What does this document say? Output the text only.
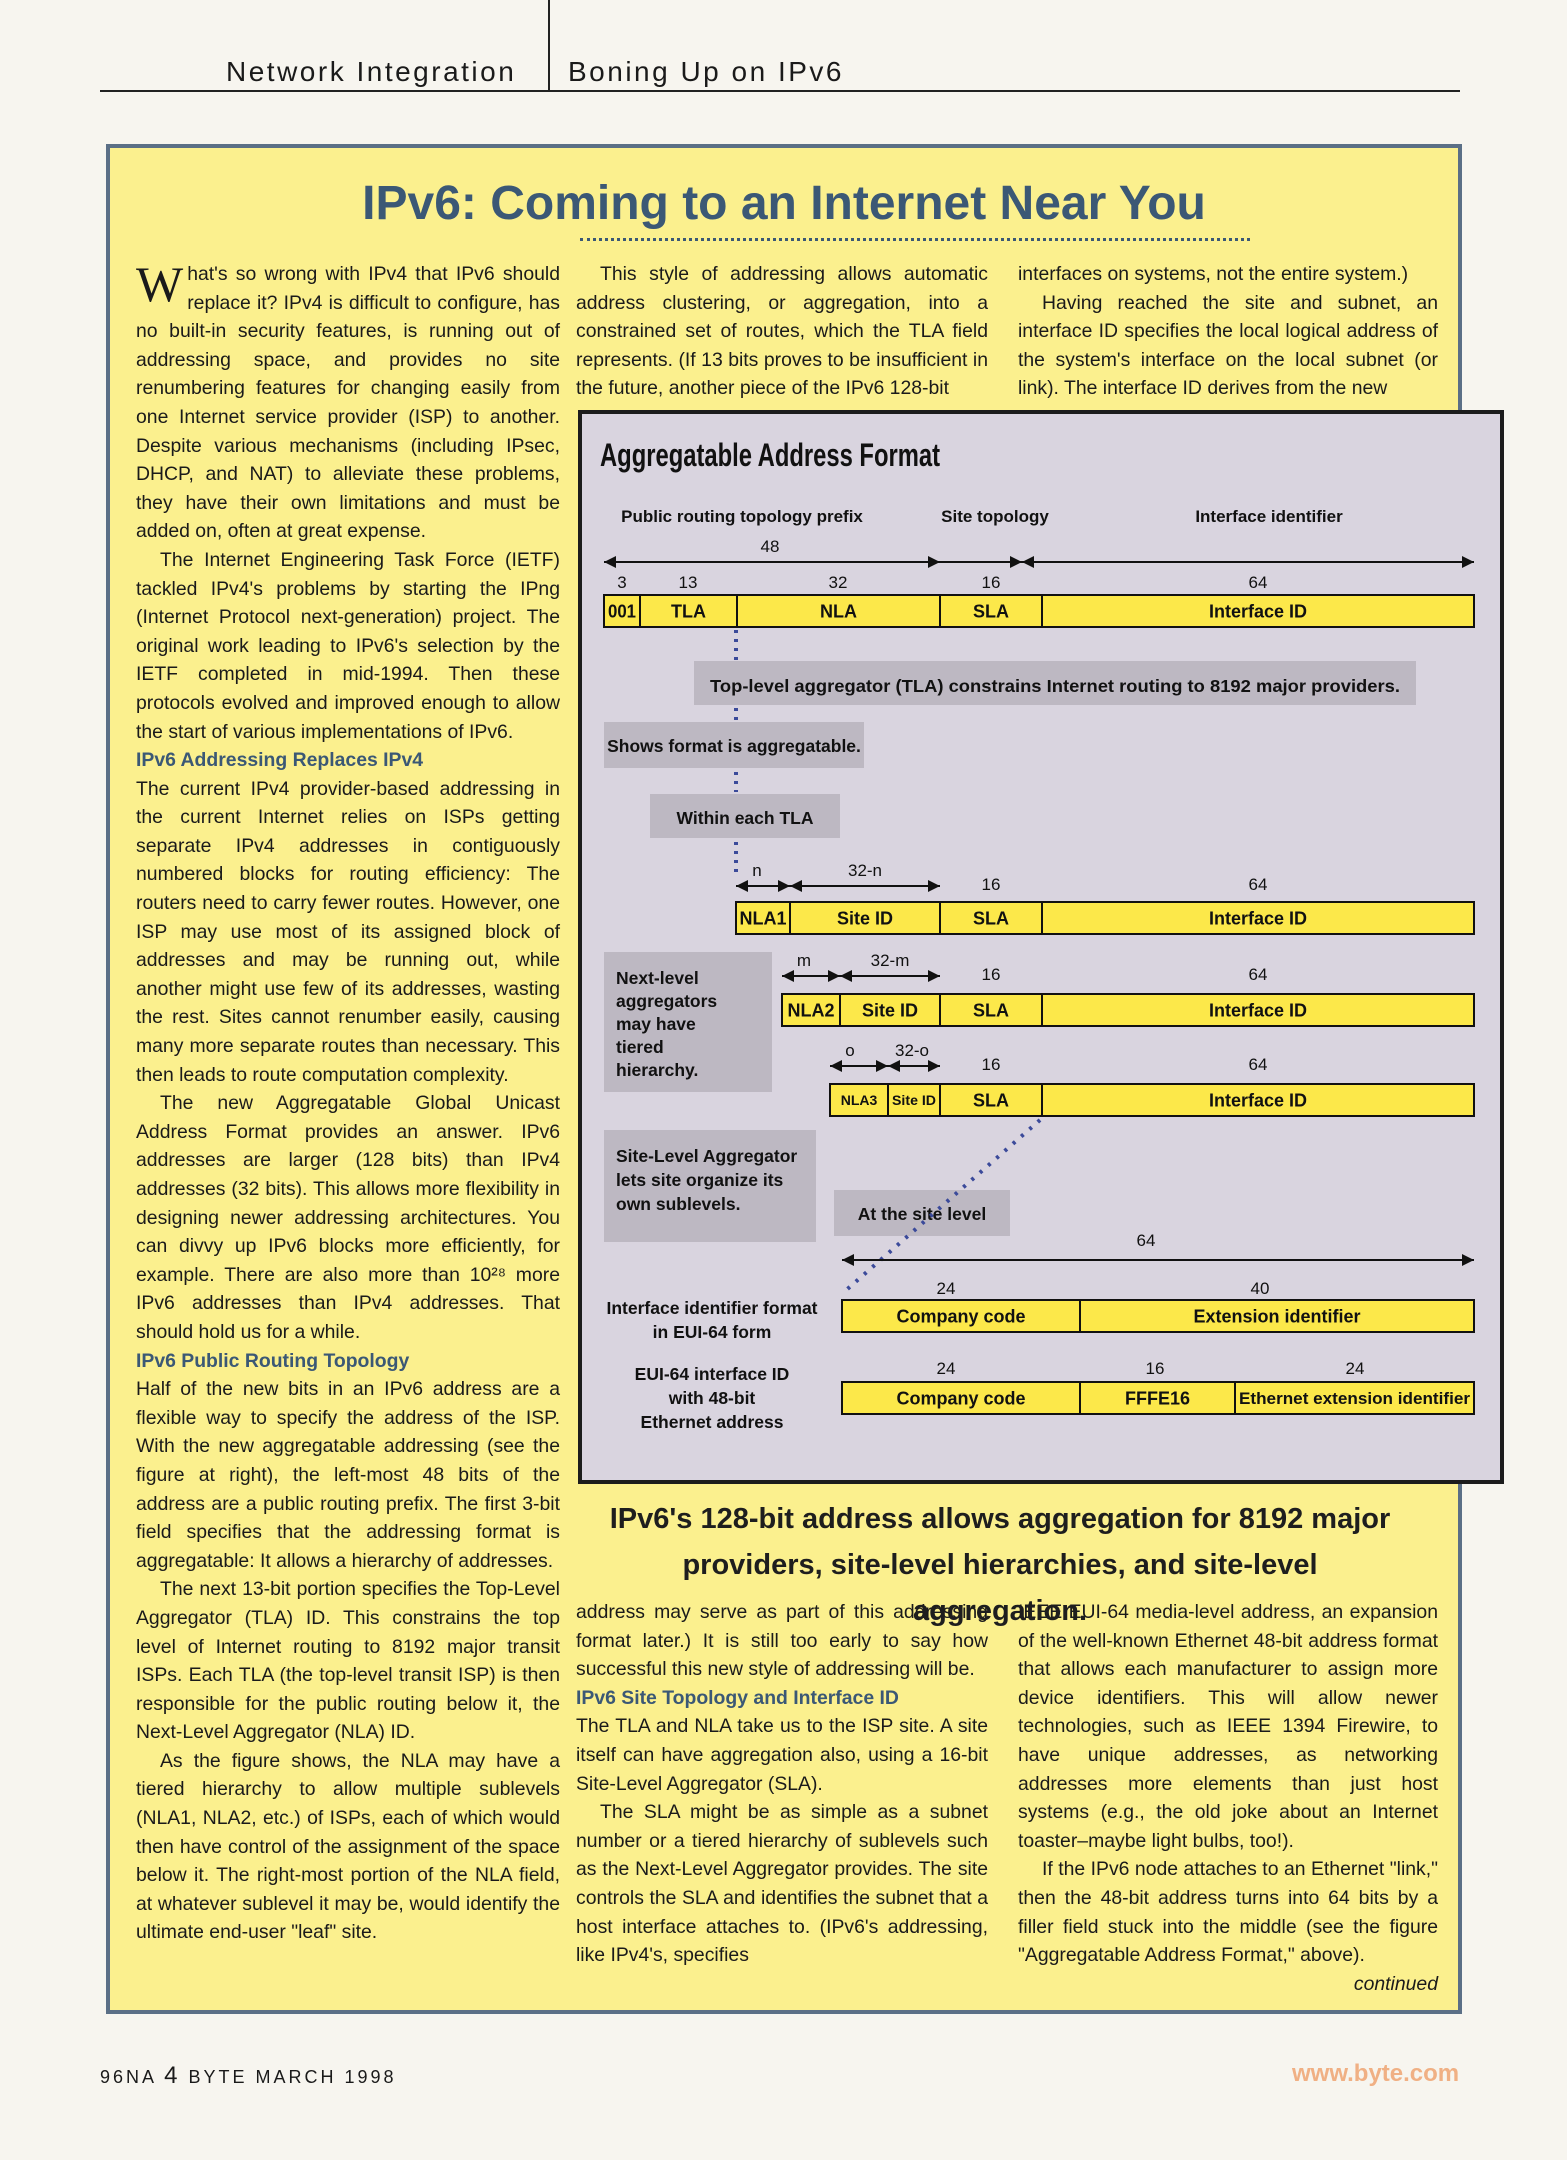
Network Integration Boning Up on IPv6
IPv6: Coming to an Internet Near You

What's so wrong with IPv4 that IPv6 should replace it? IPv4 is difficult to configure, has no built-in security features, is running out of addressing space, and provides no site renumbering features for changing easily from one Internet service provider (ISP) to another. Despite various mechanisms (including IPsec, DHCP, and NAT) to alleviate these problems, they have their own limitations and must be added on, often at great expense.

The Internet Engineering Task Force (IETF) tackled IPv4's problems by starting the IPng (Internet Protocol next-generation) project. The original work leading to IPv6's selection by the IETF completed in mid-1994. Then these protocols evolved and improved enough to allow the start of various implementations of IPv6.

IPv6 Addressing Replaces IPv4

The current IPv4 provider-based addressing in the current Internet relies on ISPs getting separate IPv4 addresses in contiguously numbered blocks for routing efficiency: The routers need to carry fewer routes. However, one ISP may use most of its assigned block of addresses and may be running out, while another might use few of its addresses, wasting the rest. Sites cannot renumber easily, causing many more separate routes than necessary. This then leads to route computation complexity.

The new Aggregatable Global Unicast Address Format provides an answer. IPv6 addresses are larger (128 bits) than IPv4 addresses (32 bits). This allows more flexibility in designing newer addressing architectures. You can divvy up IPv6 blocks more efficiently, for example. There are also more than 10²⁸ more IPv6 addresses than IPv4 addresses. That should hold us for a while.

IPv6 Public Routing Topology

Half of the new bits in an IPv6 address are a flexible way to specify the address of the ISP. With the new aggregatable addressing (see the figure at right), the left-most 48 bits of the address are a public routing prefix. The first 3-bit field specifies that the addressing format is aggregatable: It allows a hierarchy of addresses.

The next 13-bit portion specifies the Top-Level Aggregator (TLA) ID. This constrains the top level of Internet routing to 8192 major transit ISPs. Each TLA (the top-level transit ISP) is then responsible for the public routing below it, the Next-Level Aggregator (NLA) ID.

As the figure shows, the NLA may have a tiered hierarchy to allow multiple sublevels (NLA1, NLA2, etc.) of ISPs, each of which would then have control of the assignment of the space below it. The right-most portion of the NLA field, at whatever sublevel it may be, would identify the ultimate end-user "leaf" site.

This style of addressing allows automatic address clustering, or aggregation, into a constrained set of routes, which the TLA field represents. (If 13 bits proves to be insufficient in the future, another piece of the IPv6 128-bit

interfaces on systems, not the entire system.)

Having reached the site and subnet, an interface ID specifies the local logical address of the system's interface on the local subnet (or link). The interface ID derives from the new

address may serve as part of this addressing format later.) It is still too early to say how successful this new style of addressing will be.

IPv6 Site Topology and Interface ID

The TLA and NLA take us to the ISP site. A site itself can have aggregation also, using a 16-bit Site-Level Aggregator (SLA).

The SLA might be as simple as a subnet number or a tiered hierarchy of sublevels such as the Next-Level Aggregator provides. The site controls the SLA and identifies the subnet that a host interface attaches to. (IPv6's addressing, like IPv4's, specifies

IEEE EUI-64 media-level address, an expansion of the well-known Ethernet 48-bit address format that allows each manufacturer to assign more device identifiers. This will allow newer technologies, such as IEEE 1394 Firewire, to have unique addresses, as networking addresses more elements than just host systems (e.g., the old joke about an Internet toaster–maybe light bulbs, too!).

If the IPv6 node attaches to an Ethernet "link," then the 48-bit address turns into 64 bits by a filler field stuck into the middle (see the figure "Aggregatable Address Format," above).

continued

Aggregatable Address Format
Public routing topology prefix	Site topology	Interface identifier
48
3	13	32	16	64
001 TLA	NLA	SLA	Interface ID
Top-level aggregator (TLA) constrains Internet routing to 8192 major providers.
Shows format is aggregatable.
Within each TLA
n	32-n
16	64
NLA1	Site ID	SLA	Interface ID
m	32-m
16	64
NLA2 Site ID	SLA	Interface ID
o 32-o
16	64
NLA3 Site ID SLA	Interface ID
Next-level
aggregators
may have
tiered
hierarchy.
Site-Level Aggregator
lets site organize its
own sublevels.	At the site level
64
24	40
Company code	Extension identifier
Interface identifier format
in EUI-64 form
24	16	24
Company code	FFFE16	Ethernet extension identifier
EUI-64 interface ID
with 48-bit
Ethernet address
IPv6's 128-bit address allows aggregation for 8192 major
providers, site-level hierarchies, and site-level aggregation.
96NA 4 BYTE MARCH 1998	www.byte.com
